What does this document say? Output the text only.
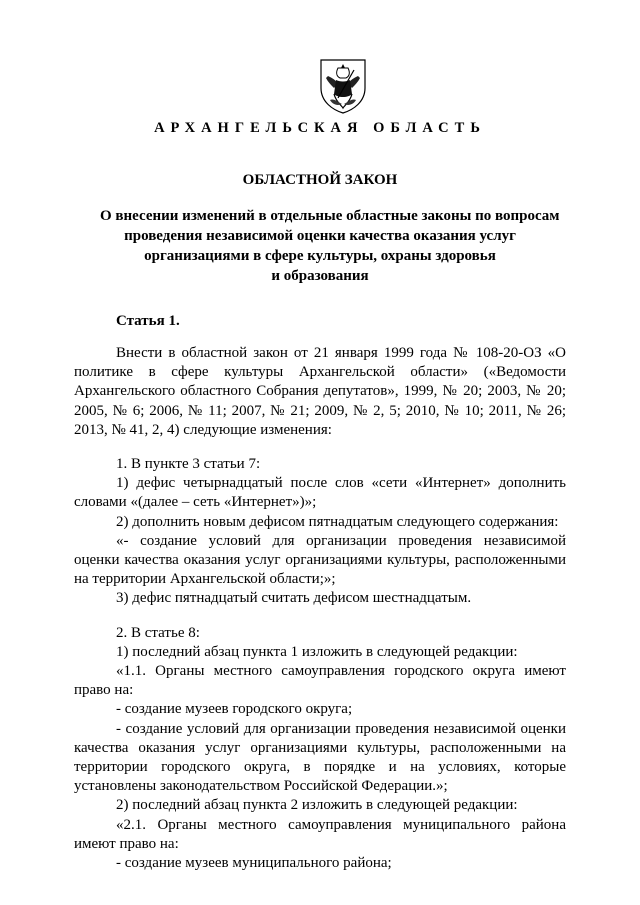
АРХАНГЕЛЬСКАЯ ОБЛАСТЬ
ОБЛАСТНОЙ ЗАКОН
О внесении изменений в отдельные областные законы по вопросам
проведения независимой оценки качества оказания услуг
организациями в сфере культуры, охраны здоровья
и образования
Статья 1.

Внести в областной закон от 21 января 1999 года № 108-20-ОЗ «О политике в сфере культуры Архангельской области» («Ведомости Архангельского областного Собрания депутатов», 1999, № 20; 2003, № 20; 2005, № 6; 2006, № 11; 2007, № 21; 2009, № 2, 5; 2010, № 10; 2011, № 26; 2013, № 41, 2, 4) следующие изменения:

1. В пункте 3 статьи 7:

1) дефис четырнадцатый после слов «сети «Интернет» дополнить словами «(далее – сеть «Интернет»)»;

2) дополнить новым дефисом пятнадцатым следующего содержания:

«- создание условий для организации проведения независимой оценки качества оказания услуг организациями культуры, расположенными на территории Архангельской области;»;

3) дефис пятнадцатый считать дефисом шестнадцатым.

2. В статье 8:

1) последний абзац пункта 1 изложить в следующей редакции:

«1.1. Органы местного самоуправления городского округа имеют право на:

- создание музеев городского округа;

- создание условий для организации проведения независимой оценки качества оказания услуг организациями культуры, расположенными на территории городского округа, в порядке и на условиях, которые установлены законодательством Российской Федерации.»;

2) последний абзац пункта 2 изложить в следующей редакции:

«2.1. Органы местного самоуправления муниципального района имеют право на:

- создание музеев муниципального района;
